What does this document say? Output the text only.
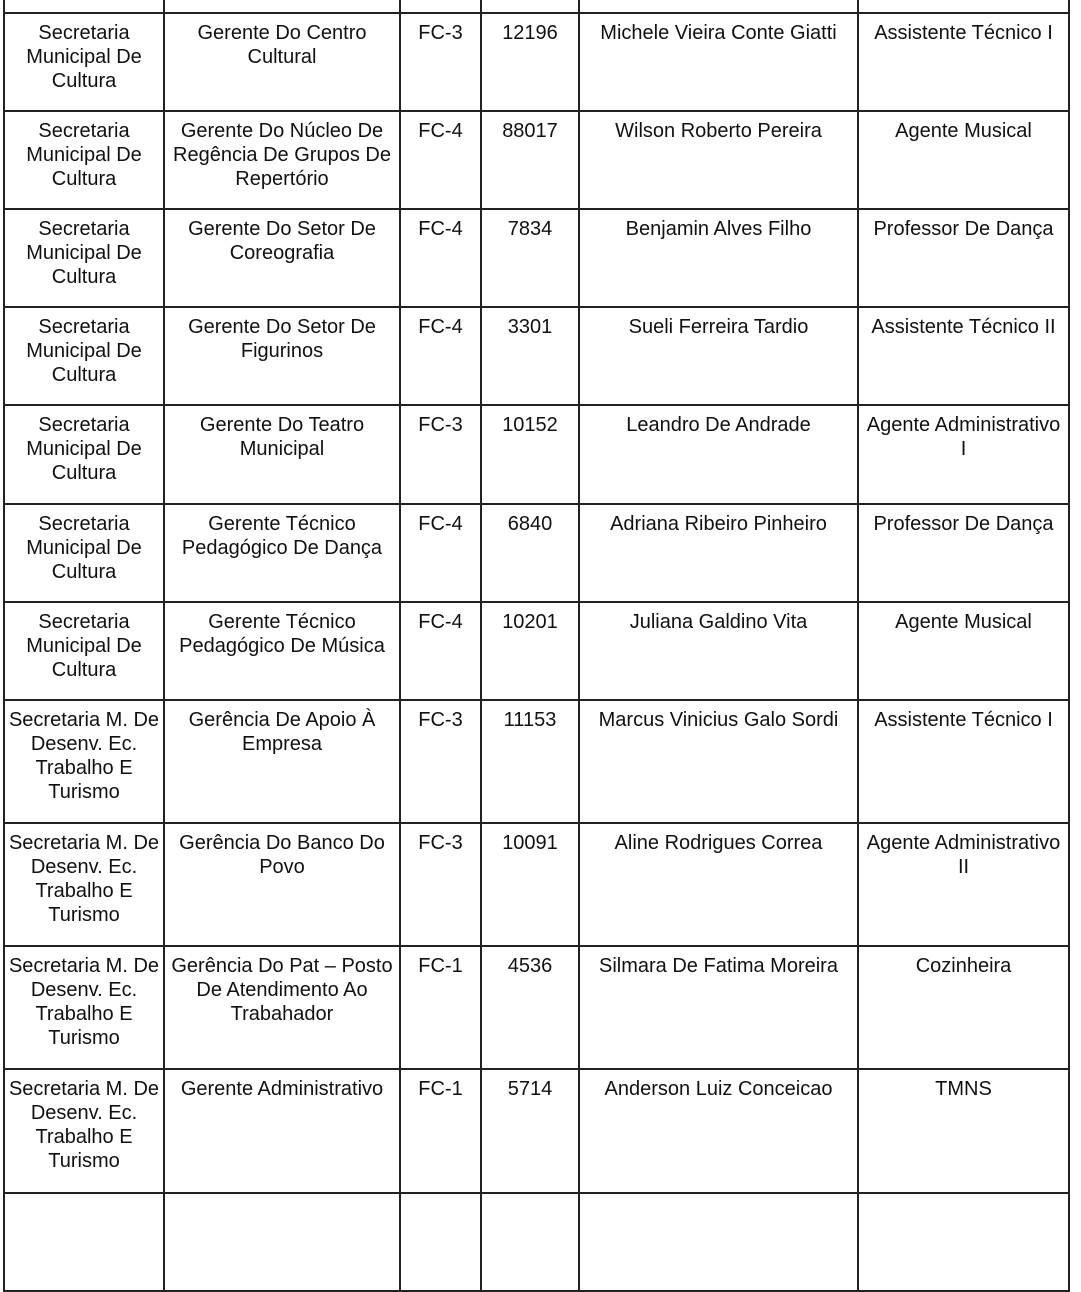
Secretaria Municipal De Cultura	Gerente Do Centro Cultural	FC-3	12196	Michele Vieira Conte Giatti	Assistente Técnico I
Secretaria Municipal De Cultura	Gerente Do Núcleo De Regência De Grupos De Repertório	FC-4	88017	Wilson Roberto Pereira	Agente Musical
Secretaria Municipal De Cultura	Gerente Do Setor De Coreografia	FC-4	7834	Benjamin Alves Filho	Professor De Dança
Secretaria Municipal De Cultura	Gerente Do Setor De Figurinos	FC-4	3301	Sueli Ferreira Tardio	Assistente Técnico II
Secretaria Municipal De Cultura	Gerente Do Teatro Municipal	FC-3	10152	Leandro De Andrade	Agente Administrativo I
Secretaria Municipal De Cultura	Gerente Técnico Pedagógico De Dança	FC-4	6840	Adriana Ribeiro Pinheiro	Professor De Dança
Secretaria Municipal De Cultura	Gerente Técnico Pedagógico De Música	FC-4	10201	Juliana Galdino Vita	Agente Musical
Secretaria M. De Desenv. Ec. Trabalho E Turismo	Gerência De Apoio À Empresa	FC-3	11153	Marcus Vinicius Galo Sordi	Assistente Técnico I
Secretaria M. De Desenv. Ec. Trabalho E Turismo	Gerência Do Banco Do Povo	FC-3	10091	Aline Rodrigues Correa	Agente Administrativo II
Secretaria M. De Desenv. Ec. Trabalho E Turismo	Gerência Do Pat – Posto De Atendimento Ao Trabahador	FC-1	4536	Silmara De Fatima Moreira	Cozinheira
Secretaria M. De Desenv. Ec. Trabalho E Turismo	Gerente Administrativo	FC-1	5714	Anderson Luiz Conceicao	TMNS
